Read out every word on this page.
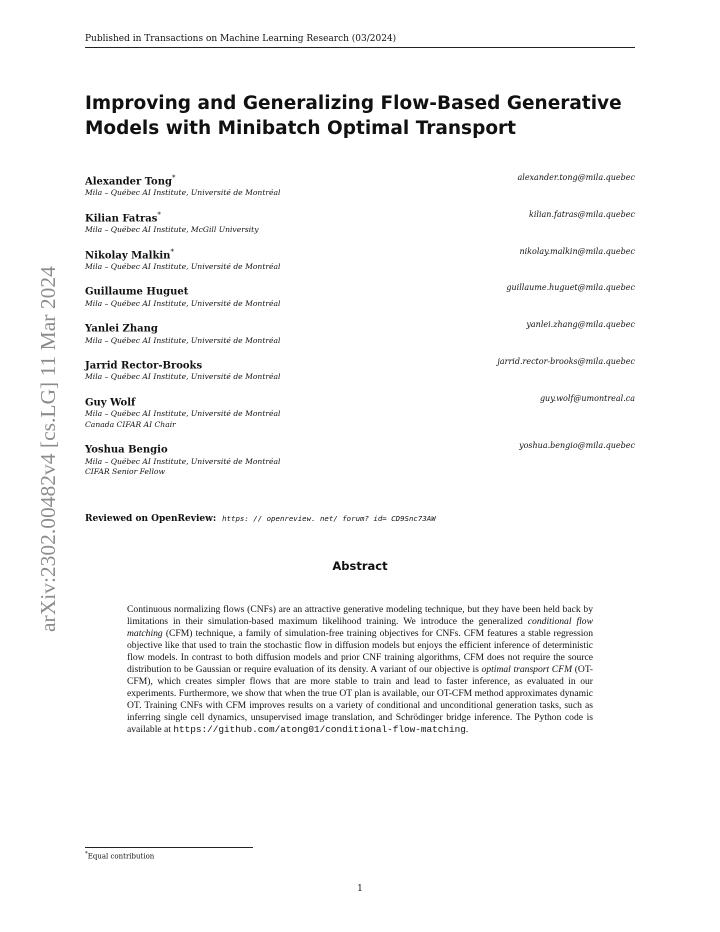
Published in Transactions on Machine Learning Research (03/2024)
arXiv:2302.00482v4 [cs.LG] 11 Mar 2024
Improving and Generalizing Flow-Based Generative Models with Minibatch Optimal Transport
Alexander Tong*	alexander.tong@mila.quebec
Mila – Québec AI Institute, Université de Montréal
Kilian Fatras*	kilian.fatras@mila.quebec
Mila – Québec AI Institute, McGill University
Nikolay Malkin*	nikolay.malkin@mila.quebec
Mila – Québec AI Institute, Université de Montréal
Guillaume Huguet	guillaume.huguet@mila.quebec
Mila – Québec AI Institute, Université de Montréal
Yanlei Zhang	yanlei.zhang@mila.quebec
Mila – Québec AI Institute, Université de Montréal
Jarrid Rector-Brooks	jarrid.rector-brooks@mila.quebec
Mila – Québec AI Institute, Université de Montréal
Guy Wolf	guy.wolf@umontreal.ca
Mila – Québec AI Institute, Université de Montréal
Canada CIFAR AI Chair
Yoshua Bengio	yoshua.bengio@mila.quebec
Mila – Québec AI Institute, Université de Montréal
CIFAR Senior Fellow
Reviewed on OpenReview: https: // openreview. net/ forum? id= CD9Snc73AW
Abstract

Continuous normalizing flows (CNFs) are an attractive generative modeling technique, but they have been held back by limitations in their simulation-based maximum likelihood training. We introduce the generalized conditional flow matching (CFM) technique, a family of simulation-free training objectives for CNFs. CFM features a stable regression objective like that used to train the stochastic flow in diffusion models but enjoys the efficient inference of deterministic flow models. In contrast to both diffusion models and prior CNF training algorithms, CFM does not require the source distribution to be Gaussian or require evaluation of its density. A variant of our objective is optimal transport CFM (OT-CFM), which creates simpler flows that are more stable to train and lead to faster inference, as evaluated in our experiments. Furthermore, we show that when the true OT plan is available, our OT-CFM method approximates dynamic OT. Training CNFs with CFM improves results on a variety of conditional and unconditional generation tasks, such as inferring single cell dynamics, unsupervised image translation, and Schrödinger bridge inference. The Python code is available at https://github.com/atong01/conditional-flow-matching.

*Equal contribution
1
